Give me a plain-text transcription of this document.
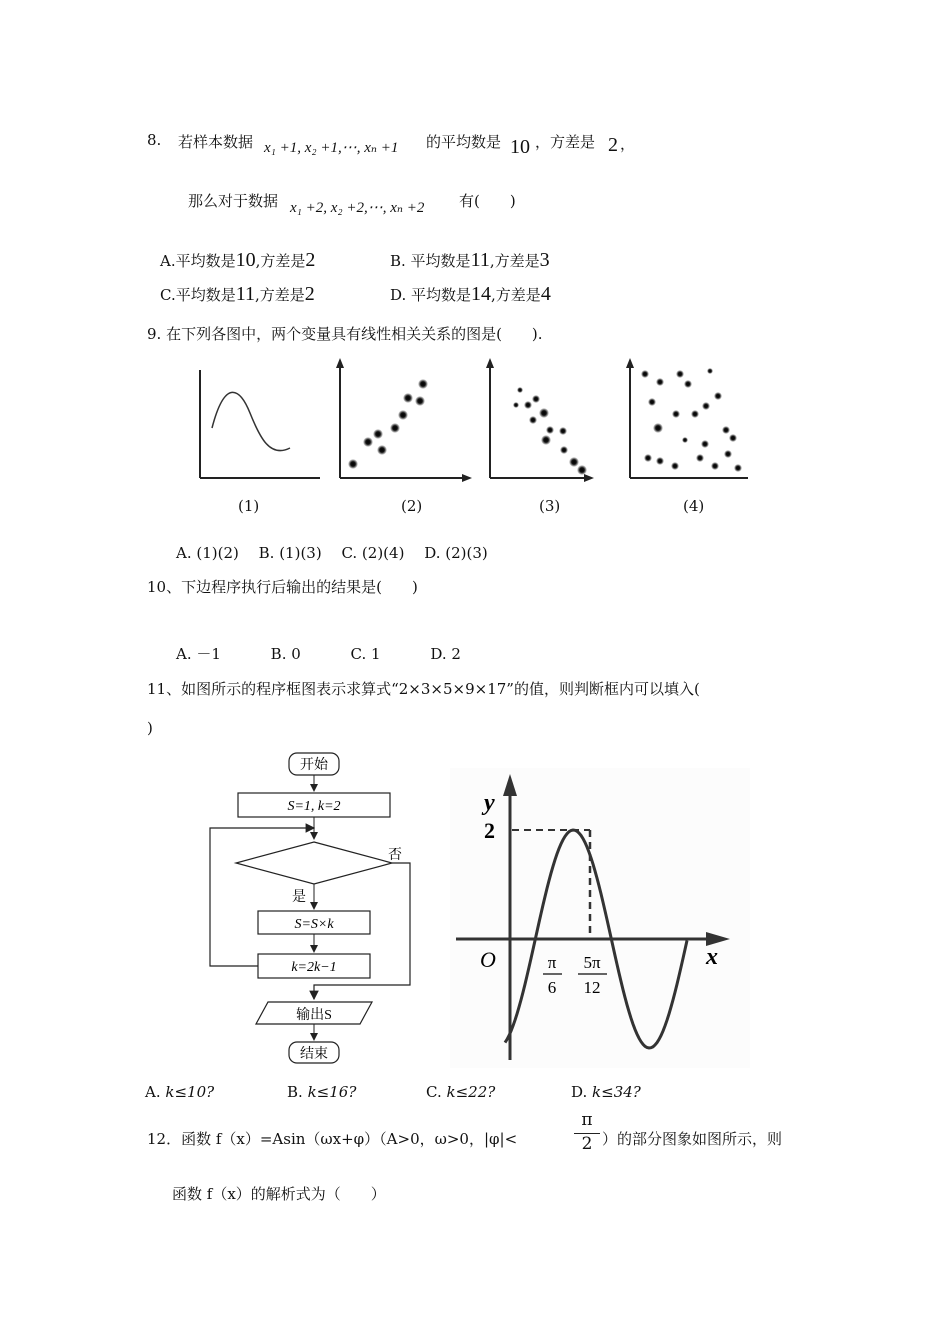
8. 若样本数据 x₁ +1, x₂ +1,⋯, xₙ +1 的平均数是 10 ，方差是 2 ，
那么对于数据 x₁ +2, x₂ +2,⋯, xₙ +2 有(　　)
A.平均数是10,方差是2	B. 平均数是11,方差是3
C.平均数是11,方差是2	D. 平均数是14,方差是4
9. 在下列各图中，两个变量具有线性相关关系的图是(　　).
(1)	(2)	(3)	(4)
A. (1)(2)　 B. (1)(3)　 C. (2)(4)　 D. (2)(3)
10、下边程序执行后输出的结果是(　　)
A. －1　　　 B. 0　　　 C. 1　　　 D. 2
11、如图所示的程序框图表示求算式“2×3×5×9×17”的值，则判断框内可以填入(
)
开始
S=1, k=2
否
是
S=S×k
k=2k−1
输出S
结束
y
x
O
2
π
6
5π
12
A. k≤10?	B. k≤16?	C. k≤22?	D. k≤34?
12．函数 f（x）=Asin（ωx+φ）（A>0，ω>0，|φ|<
π
2 ）的部分图象如图所示，则
函数 f（x）的解析式为（　　）
